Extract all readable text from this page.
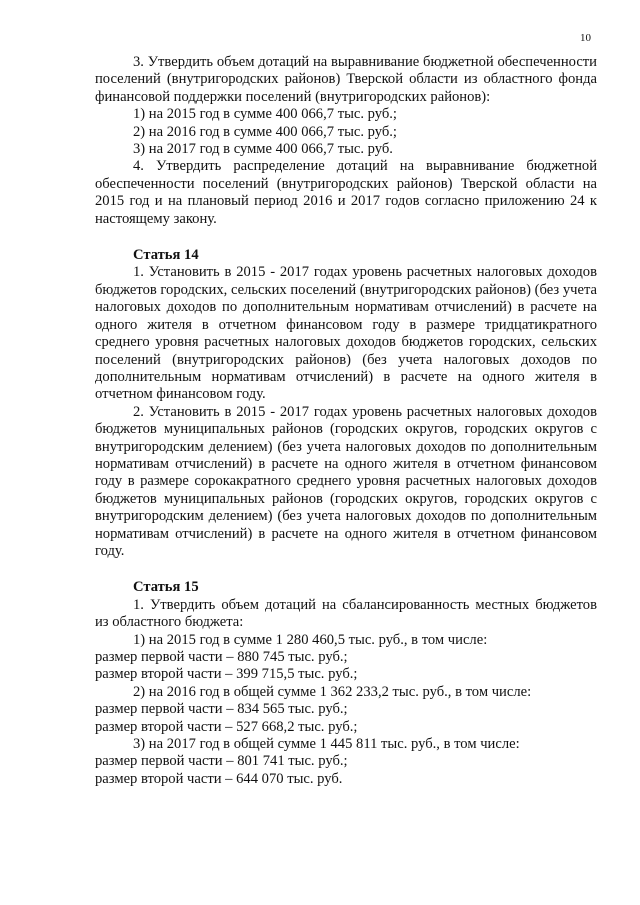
10

3. Утвердить объем дотаций на выравнивание бюджетной обеспеченности поселений (внутригородских районов) Тверской области из областного фонда финансовой поддержки поселений (внутригородских районов):

1) на 2015 год в сумме 400 066,7 тыс. руб.;

2) на 2016 год в сумме 400 066,7 тыс. руб.;

3) на 2017 год в сумме 400 066,7 тыс. руб.

4. Утвердить распределение дотаций на выравнивание бюджетной обеспеченности поселений (внутригородских районов) Тверской области на 2015 год и на плановый период 2016 и 2017 годов согласно приложению 24 к настоящему закону.

Статья 14

1. Установить в 2015 - 2017 годах уровень расчетных налоговых доходов бюджетов городских, сельских поселений (внутригородских районов) (без учета налоговых доходов по дополнительным нормативам отчислений) в расчете на одного жителя в отчетном финансовом году в размере тридцатикратного среднего уровня расчетных налоговых доходов бюджетов городских, сельских поселений (внутригородских районов) (без учета налоговых доходов по дополнительным нормативам отчислений) в расчете на одного жителя в отчетном финансовом году.

2. Установить в 2015 - 2017 годах уровень расчетных налоговых доходов бюджетов муниципальных районов (городских округов, городских округов с внутригородским делением) (без учета налоговых доходов по дополнительным нормативам отчислений) в расчете на одного жителя в отчетном финансовом году в размере сорокакратного среднего уровня расчетных налоговых доходов бюджетов муниципальных районов (городских округов, городских округов с внутригородским делением) (без учета налоговых доходов по дополнительным нормативам отчислений) в расчете на одного жителя в отчетном финансовом году.

Статья 15

1. Утвердить объем дотаций на сбалансированность местных бюджетов из областного бюджета:

1) на 2015 год в сумме 1 280 460,5 тыс. руб., в том числе:

размер первой части – 880 745 тыс. руб.;

размер второй части – 399 715,5 тыс. руб.;

2) на 2016 год в общей сумме 1 362 233,2 тыс. руб., в том числе:

размер первой части – 834 565 тыс. руб.;

размер второй части – 527 668,2 тыс. руб.;

3) на 2017 год в общей сумме 1 445 811 тыс. руб., в том числе:

размер первой части – 801 741 тыс. руб.;

размер второй части – 644 070 тыс. руб.
